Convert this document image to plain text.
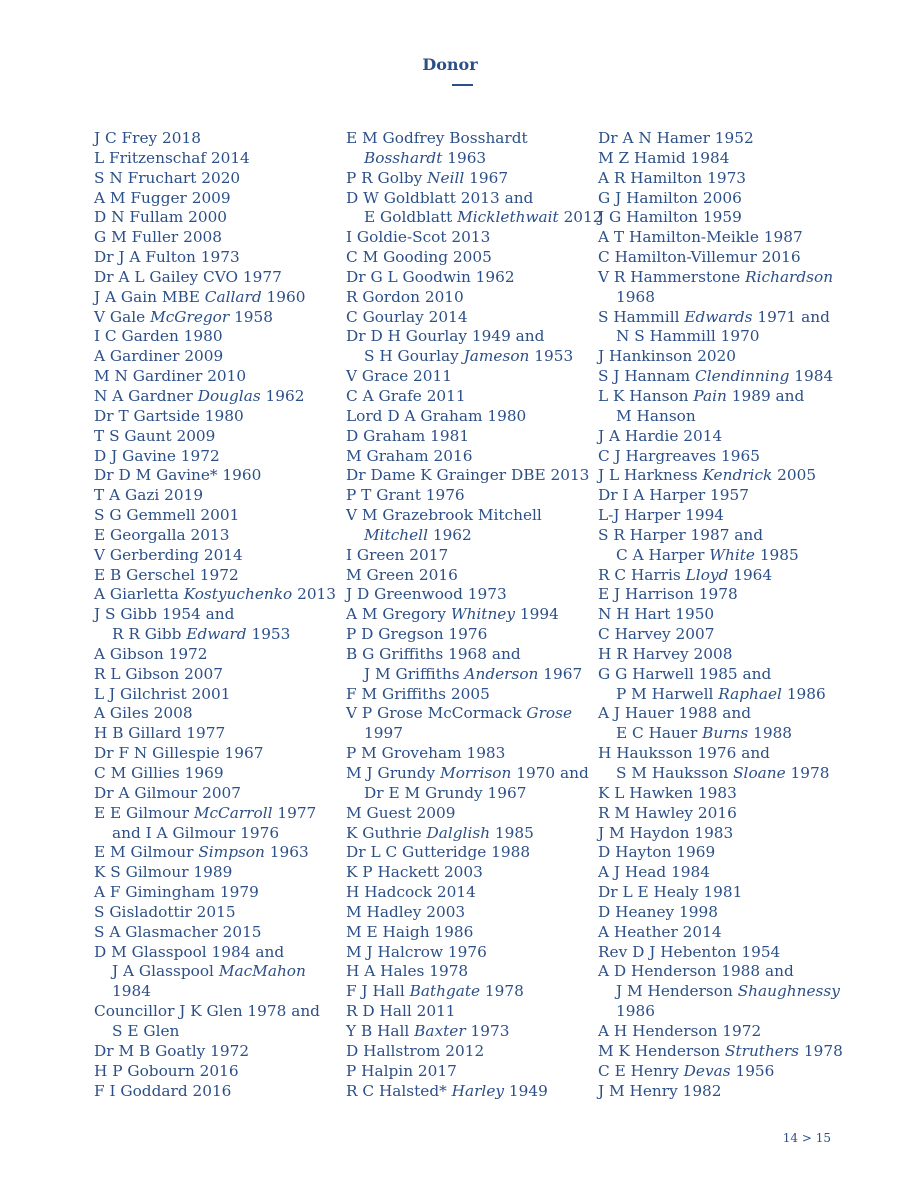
Donor
J C Frey 2018
L Fritzenschaf 2014
S N Fruchart 2020
A M Fugger 2009
D N Fullam 2000
G M Fuller 2008
Dr J A Fulton 1973
Dr A L Gailey CVO 1977
J A Gain MBE Callard 1960
V Gale McGregor 1958
I C Garden 1980
A Gardiner 2009
M N Gardiner 2010
N A Gardner Douglas 1962
Dr T Gartside 1980
T S Gaunt 2009
D J Gavine 1972
Dr D M Gavine* 1960
T A Gazi 2019
S G Gemmell 2001
E Georgalla 2013
V Gerberding 2014
E B Gerschel 1972
A Giarletta Kostyuchenko 2013
J S Gibb 1954 and
R R Gibb Edward 1953
A Gibson 1972
R L Gibson 2007
L J Gilchrist 2001
A Giles 2008
H B Gillard 1977
Dr F N Gillespie 1967
C M Gillies 1969
Dr A Gilmour 2007
E E Gilmour McCarroll 1977
and I A Gilmour 1976
E M Gilmour Simpson 1963
K S Gilmour 1989
A F Gimingham 1979
S Gisladottir 2015
S A Glasmacher 2015
D M Glasspool 1984 and
J A Glasspool MacMahon
1984
Councillor J K Glen 1978 and
S E Glen
Dr M B Goatly 1972
H P Gobourn 2016
F I Goddard 2016
E M Godfrey Bosshardt
Bosshardt 1963
P R Golby Neill 1967
D W Goldblatt 2013 and
E Goldblatt Micklethwait 2012
I Goldie-Scot 2013
C M Gooding 2005
Dr G L Goodwin 1962
R Gordon 2010
C Gourlay 2014
Dr D H Gourlay 1949 and
S H Gourlay Jameson 1953
V Grace 2011
C A Grafe 2011
Lord D A Graham 1980
D Graham 1981
M Graham 2016
Dr Dame K Grainger DBE 2013
P T Grant 1976
V M Grazebrook Mitchell
Mitchell 1962
I Green 2017
M Green 2016
J D Greenwood 1973
A M Gregory Whitney 1994
P D Gregson 1976
B G Griffiths 1968 and
J M Griffiths Anderson 1967
F M Griffiths 2005
V P Grose McCormack Grose
1997
P M Groveham 1983
M J Grundy Morrison 1970 and
Dr E M Grundy 1967
M Guest 2009
K Guthrie Dalglish 1985
Dr L C Gutteridge 1988
K P Hackett 2003
H Hadcock 2014
M Hadley 2003
M E Haigh 1986
M J Halcrow 1976
H A Hales 1978
F J Hall Bathgate 1978
R D Hall 2011
Y B Hall Baxter 1973
D Hallstrom 2012
P Halpin 2017
R C Halsted* Harley 1949
Dr A N Hamer 1952
M Z Hamid 1984
A R Hamilton 1973
G J Hamilton 2006
J G Hamilton 1959
A T Hamilton-Meikle 1987
C Hamilton-Villemur 2016
V R Hammerstone Richardson
1968
S Hammill Edwards 1971 and
N S Hammill 1970
J Hankinson 2020
S J Hannam Clendinning 1984
L K Hanson Pain 1989 and
M Hanson
J A Hardie 2014
C J Hargreaves 1965
J L Harkness Kendrick 2005
Dr I A Harper 1957
L-J Harper 1994
S R Harper 1987 and
C A Harper White 1985
R C Harris Lloyd 1964
E J Harrison 1978
N H Hart 1950
C Harvey 2007
H R Harvey 2008
G G Harwell 1985 and
P M Harwell Raphael 1986
A J Hauer 1988 and
E C Hauer Burns 1988
H Hauksson 1976 and
S M Hauksson Sloane 1978
K L Hawken 1983
R M Hawley 2016
J M Haydon 1983
D Hayton 1969
A J Head 1984
Dr L E Healy 1981
D Heaney 1998
A Heather 2014
Rev D J Hebenton 1954
A D Henderson 1988 and
J M Henderson Shaughnessy
1986
A H Henderson 1972
M K Henderson Struthers 1978
C E Henry Devas 1956
J M Henry 1982
14 > 15
